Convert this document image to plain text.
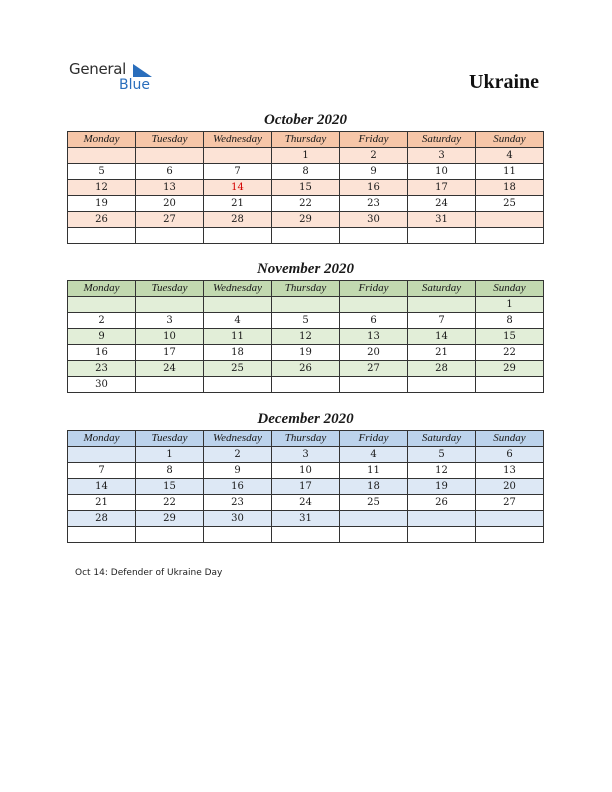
General
Blue	Ukraine
October 2020
Monday	Tuesday	Wednesday	Thursday	Friday	Saturday	Sunday
			1	2	3	4
5	6	7	8	9	10	11
12	13	14	15	16	17	18
19	20	21	22	23	24	25
26	27	28	29	30	31	

November 2020
Monday	Tuesday	Wednesday	Thursday	Friday	Saturday	Sunday
						1
2	3	4	5	6	7	8
9	10	11	12	13	14	15
16	17	18	19	20	21	22
23	24	25	26	27	28	29
30						
December 2020
Monday	Tuesday	Wednesday	Thursday	Friday	Saturday	Sunday
	1	2	3	4	5	6
7	8	9	10	11	12	13
14	15	16	17	18	19	20
21	22	23	24	25	26	27
28	29	30	31			

Oct 14: Defender of Ukraine Day
